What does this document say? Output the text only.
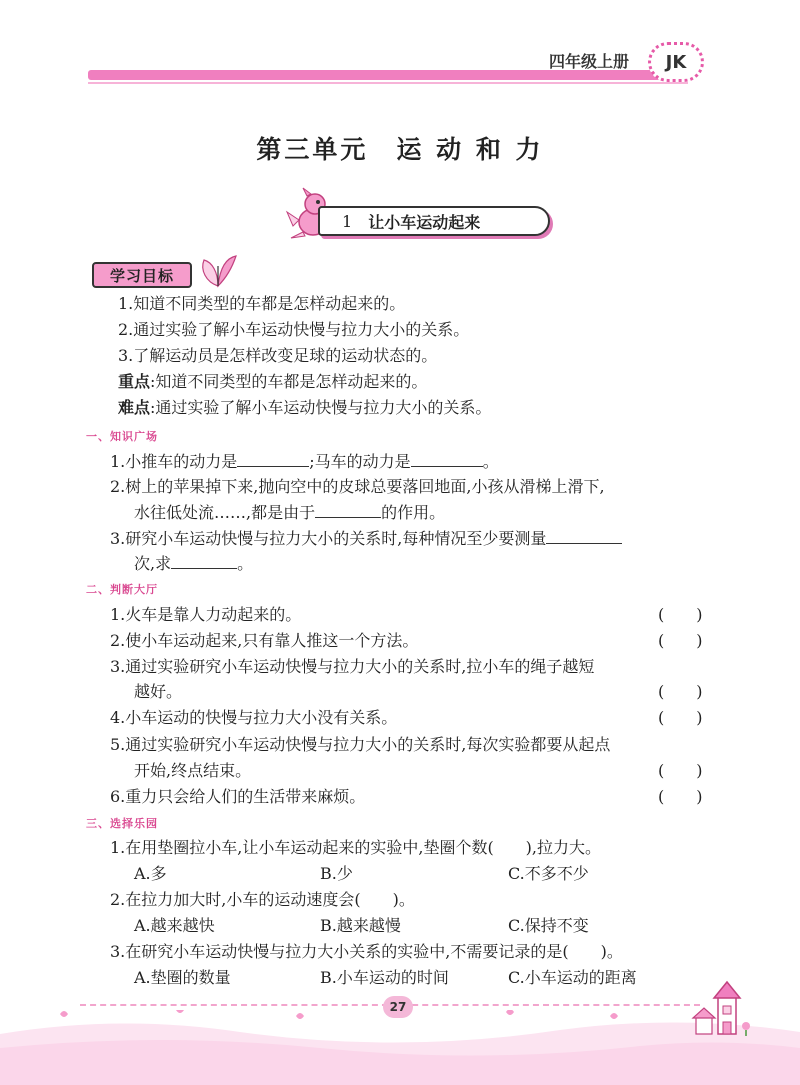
四年级上册	JK
第三单元 运 动 和 力
1 让小车运动起来
学习目标
1.知道不同类型的车都是怎样动起来的。
2.通过实验了解小车运动快慢与拉力大小的关系。
3.了解运动员是怎样改变足球的运动状态的。
重点:知道不同类型的车都是怎样动起来的。
难点:通过实验了解小车运动快慢与拉力大小的关系。
一、知识广场
1.小推车的动力是	;马车的动力是	。
2.树上的苹果掉下来,抛向空中的皮球总要落回地面,小孩从滑梯上滑下,
水往低处流……,都是由于	的作用。
3.研究小车运动快慢与拉力大小的关系时,每种情况至少要测量
次,求	。
二、判断大厅
1.火车是靠人力动起来的。	(　　)
2.使小车运动起来,只有靠人推这一个方法。	(　　)
3.通过实验研究小车运动快慢与拉力大小的关系时,拉小车的绳子越短
越好。	(　　)
4.小车运动的快慢与拉力大小没有关系。	(　　)
5.通过实验研究小车运动快慢与拉力大小的关系时,每次实验都要从起点
开始,终点结束。	(　　)
6.重力只会给人们的生活带来麻烦。	(　　)
三、选择乐园
1.在用垫圈拉小车,让小车运动起来的实验中,垫圈个数(　　),拉力大。
A.多	B.少	C.不多不少
2.在拉力加大时,小车的运动速度会(　　)。
A.越来越快	B.越来越慢	C.保持不变
3.在研究小车运动快慢与拉力大小关系的实验中,不需要记录的是(　　)。
A.垫圈的数量	B.小车运动的时间	C.小车运动的距离
27
